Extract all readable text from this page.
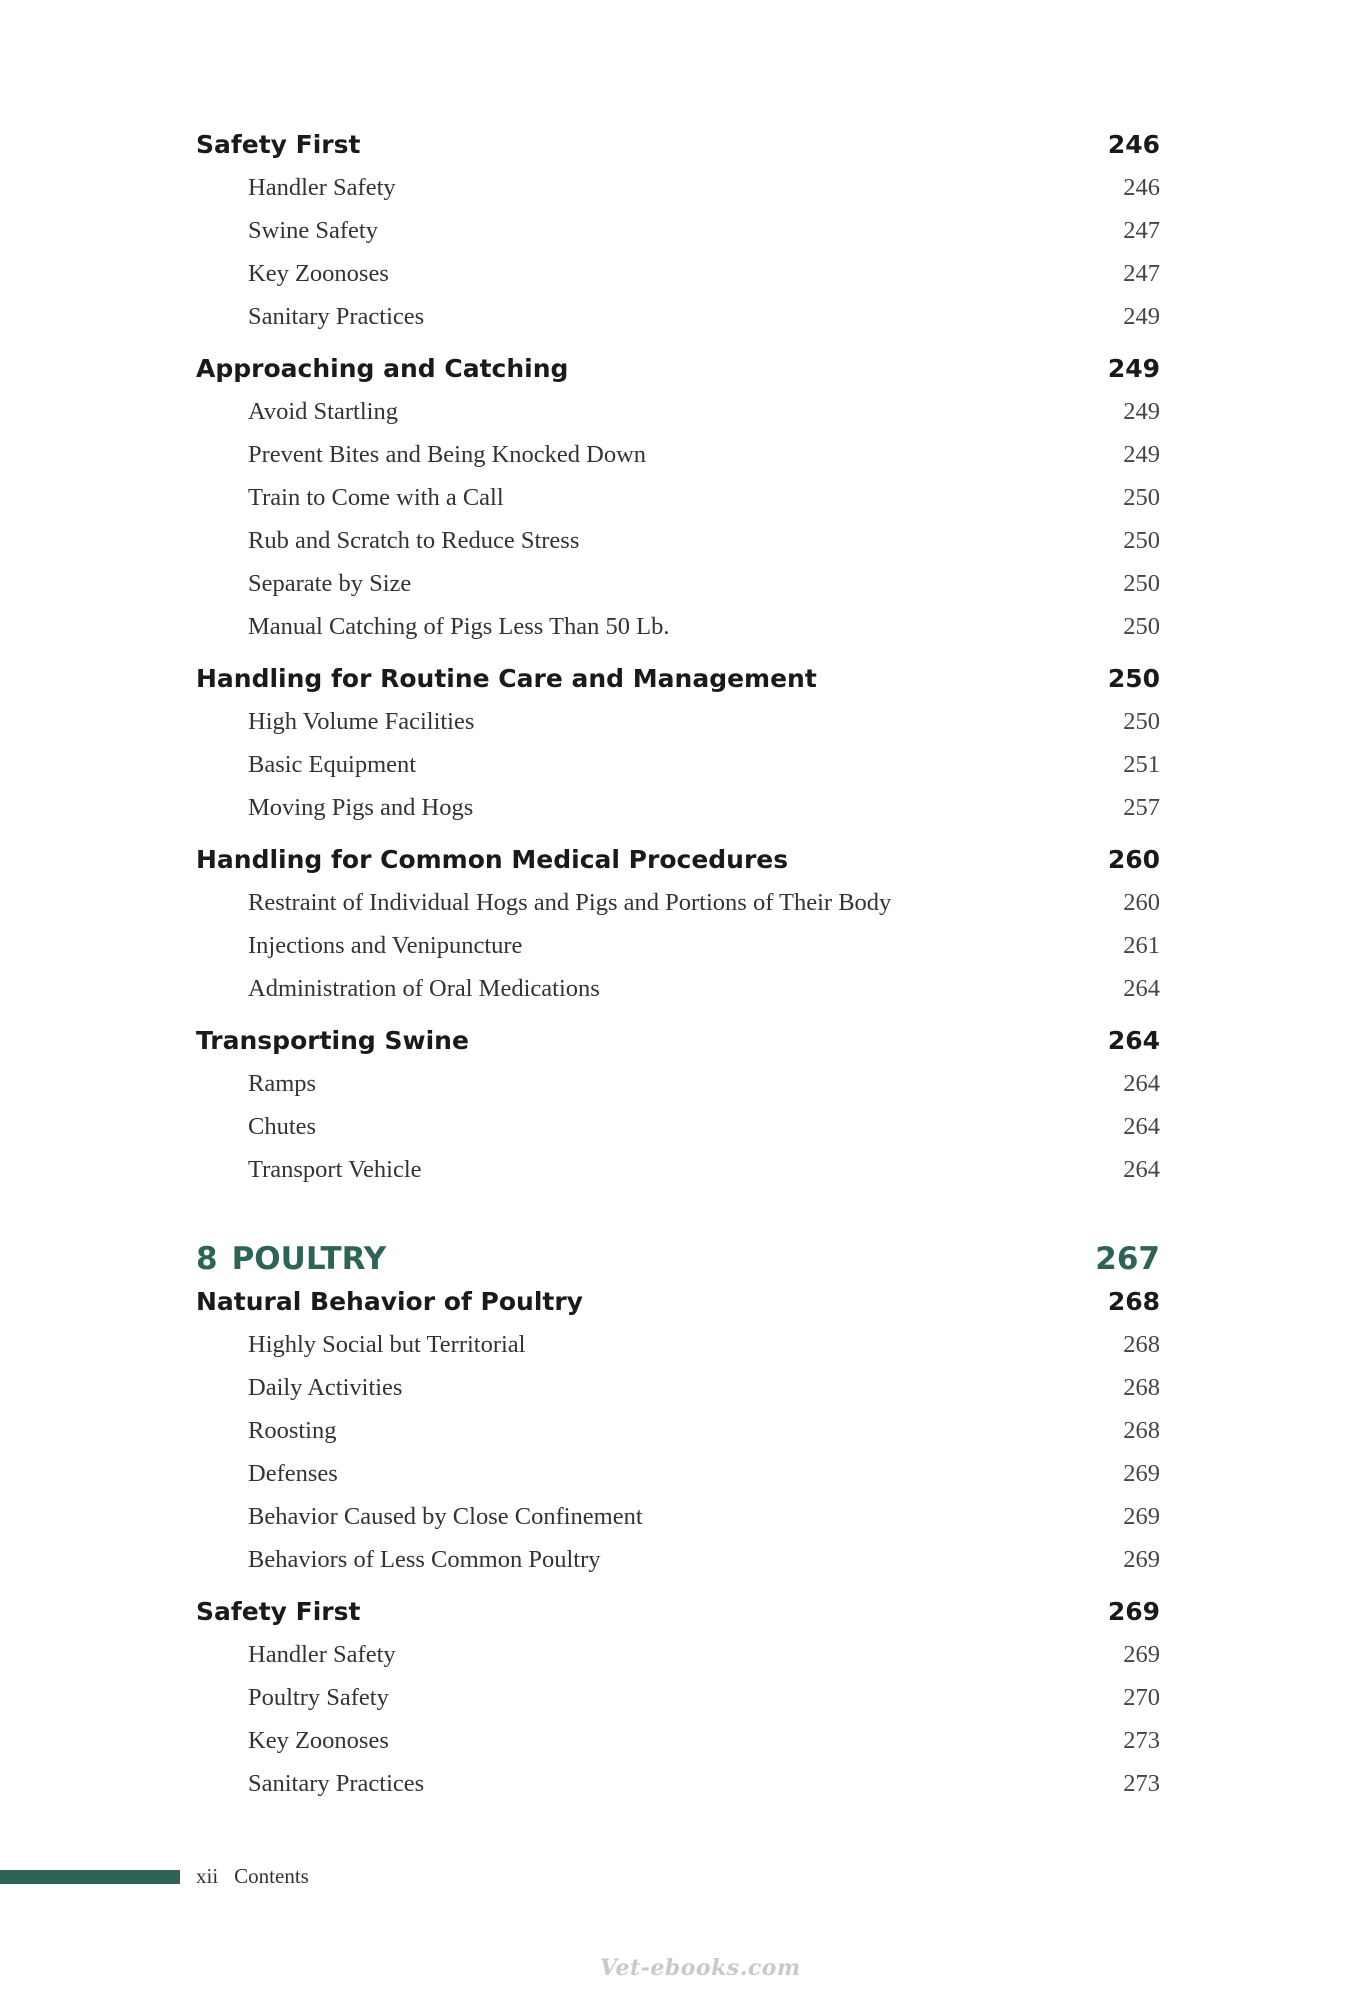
Safety First	246
Handler Safety	246
Swine Safety	247
Key Zoonoses	247
Sanitary Practices	249
Approaching and Catching	249
Avoid Startling	249
Prevent Bites and Being Knocked Down	249
Train to Come with a Call	250
Rub and Scratch to Reduce Stress	250
Separate by Size	250
Manual Catching of Pigs Less Than 50 Lb.	250
Handling for Routine Care and Management	250
High Volume Facilities	250
Basic Equipment	251
Moving Pigs and Hogs	257
Handling for Common Medical Procedures	260
Restraint of Individual Hogs and Pigs and Portions of Their Body	260
Injections and Venipuncture	261
Administration of Oral Medications	264
Transporting Swine	264
Ramps	264
Chutes	264
Transport Vehicle	264
8 POULTRY	267
Natural Behavior of Poultry	268
Highly Social but Territorial	268
Daily Activities	268
Roosting	268
Defenses	269
Behavior Caused by Close Confinement	269
Behaviors of Less Common Poultry	269
Safety First	269
Handler Safety	269
Poultry Safety	270
Key Zoonoses	273
Sanitary Practices	273
xii Contents
Vet-ebooks.com
